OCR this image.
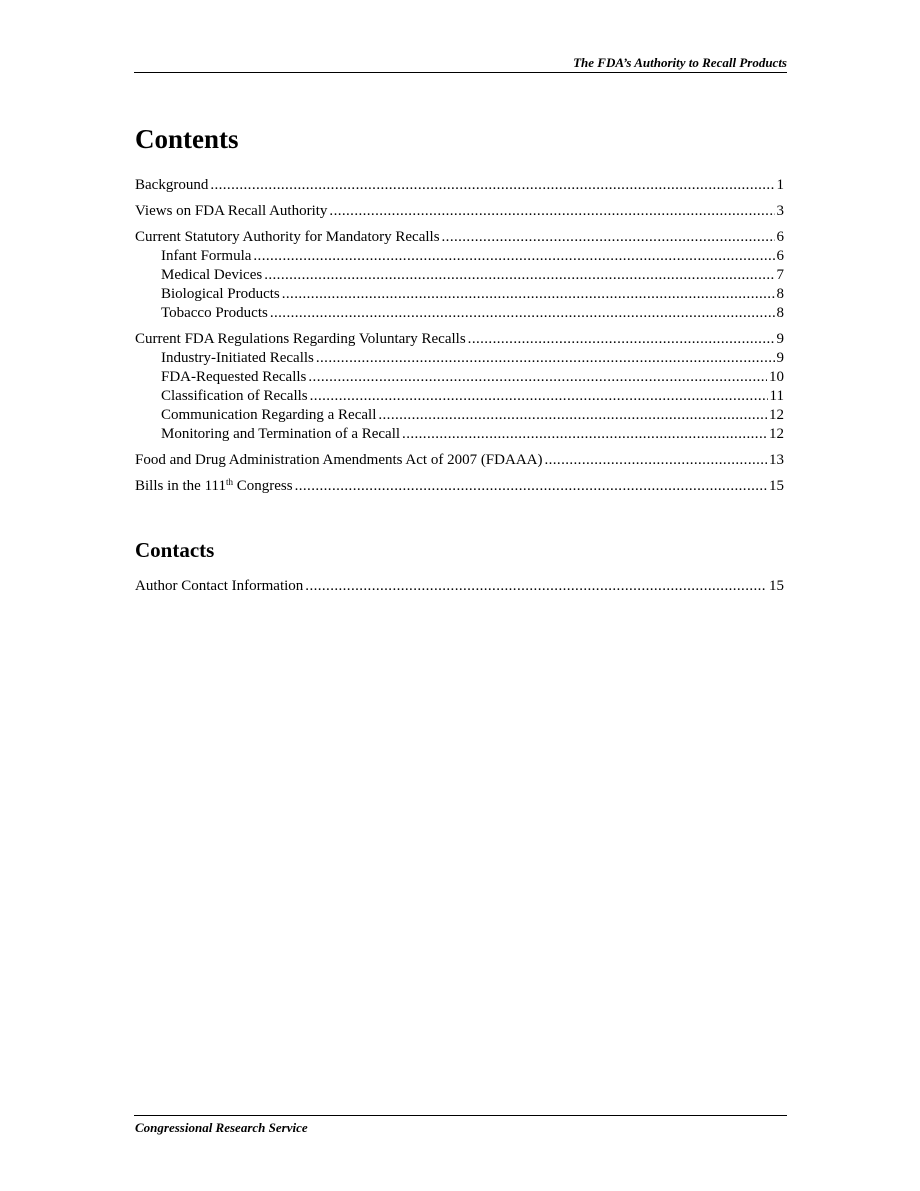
The FDA’s Authority to Recall Products
Contents
Background .....	1
Views on FDA Recall Authority .....	3
Current Statutory Authority for Mandatory Recalls .....	6
Infant Formula .....	6
Medical Devices .....	7
Biological Products .....	8
Tobacco Products .....	8
Current FDA Regulations Regarding Voluntary Recalls .....	9
Industry-Initiated Recalls .....	9
FDA-Requested Recalls .....	10
Classification of Recalls .....	11
Communication Regarding a Recall .....	12
Monitoring and Termination of a Recall .....	12
Food and Drug Administration Amendments Act of 2007 (FDAAA) .....	13
Bills in the 111th Congress .....	15
Contacts
Author Contact Information .....	15
Congressional Research Service
